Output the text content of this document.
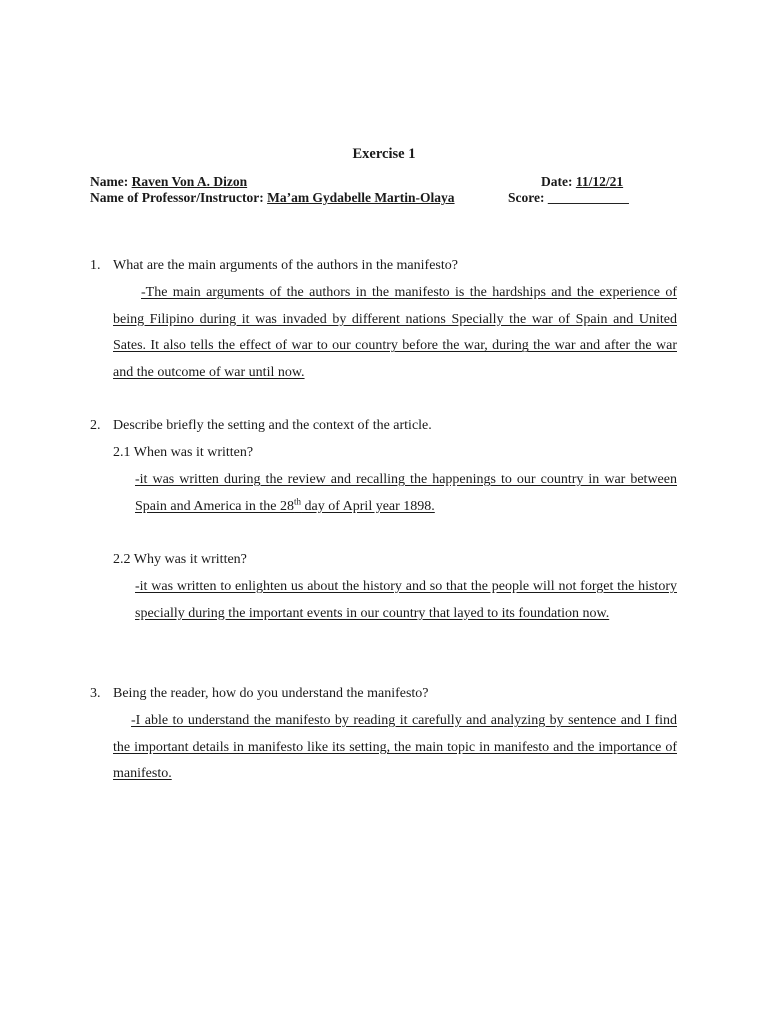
Exercise 1
Name: Raven Von A. Dizon	Date: 11/12/21
Name of Professor/Instructor: Ma’am Gydabelle Martin-Olaya	Score: ____________
1. What are the main arguments of the authors in the manifesto?
-The main arguments of the authors in the manifesto is the hardships and the experience of being Filipino during it was invaded by different nations Specially the war of Spain and United Sates. It also tells the effect of war to our country before the war, during the war and after the war and the outcome of war until now.
2. Describe briefly the setting and the context of the article.
2.1 When was it written?
-it was written during the review and recalling the happenings to our country in war between Spain and America in the 28th day of April year 1898.
2.2 Why was it written?
-it was written to enlighten us about the history and so that the people will not forget the history specially during the important events in our country that layed to its foundation now.
3. Being the reader, how do you understand the manifesto?
-I able to understand the manifesto by reading it carefully and analyzing by sentence and I find the important details in manifesto like its setting, the main topic in manifesto and the importance of manifesto.
